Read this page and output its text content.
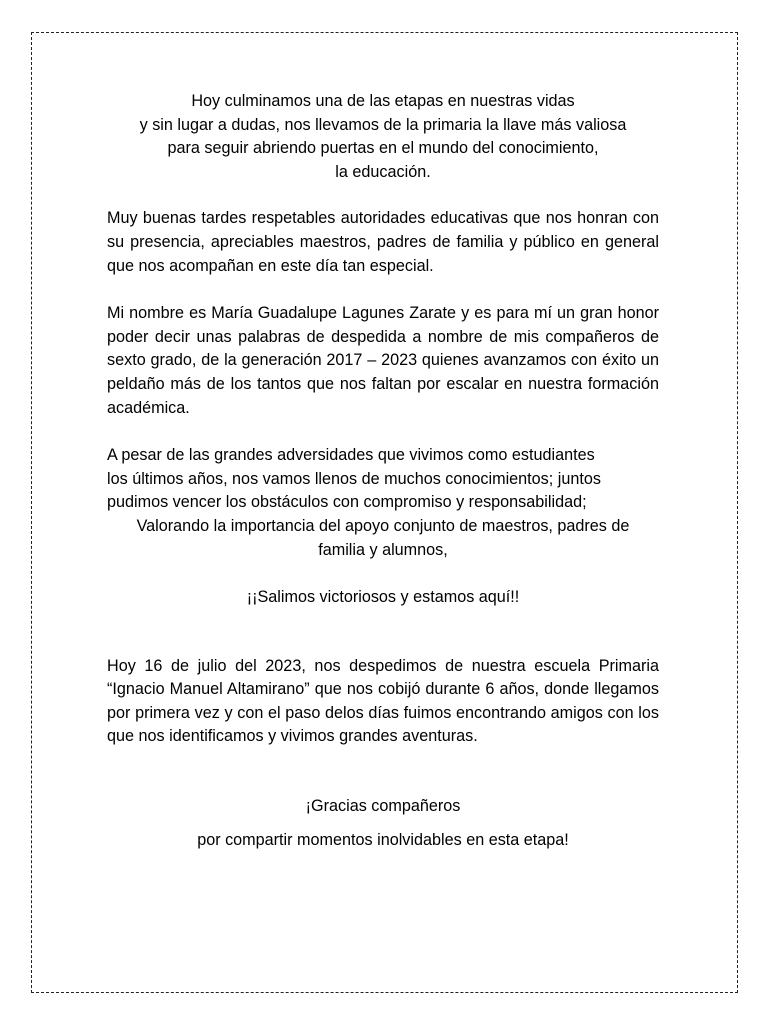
Hoy culminamos una de las etapas en nuestras vidas

y sin lugar a dudas, nos llevamos de la primaria la llave más valiosa

para seguir abriendo puertas en el mundo del conocimiento,

la educación.

Muy buenas tardes respetables autoridades educativas que nos honran con su presencia, apreciables maestros, padres de familia y público en general que nos acompañan en este día tan especial.

Mi nombre es María Guadalupe Lagunes Zarate y es para mí un gran honor poder decir unas palabras de despedida a nombre de mis compañeros de sexto grado, de la generación 2017 – 2023 quienes avanzamos con éxito un peldaño más de los tantos que nos faltan por escalar en nuestra formación académica.

A pesar de las grandes adversidades que vivimos como estudiantes

los últimos años, nos vamos llenos de muchos conocimientos; juntos

pudimos vencer los obstáculos con compromiso y responsabilidad;

Valorando la importancia del apoyo conjunto de maestros, padres de

familia y alumnos,

¡¡Salimos victoriosos y estamos aquí!!

Hoy 16 de julio del 2023, nos despedimos de nuestra escuela Primaria “Ignacio Manuel Altamirano” que nos cobijó durante 6 años, donde llegamos por primera vez y con el paso delos días fuimos encontrando amigos con los que nos identificamos y vivimos grandes aventuras.

¡Gracias compañeros

por compartir momentos inolvidables en esta etapa!
